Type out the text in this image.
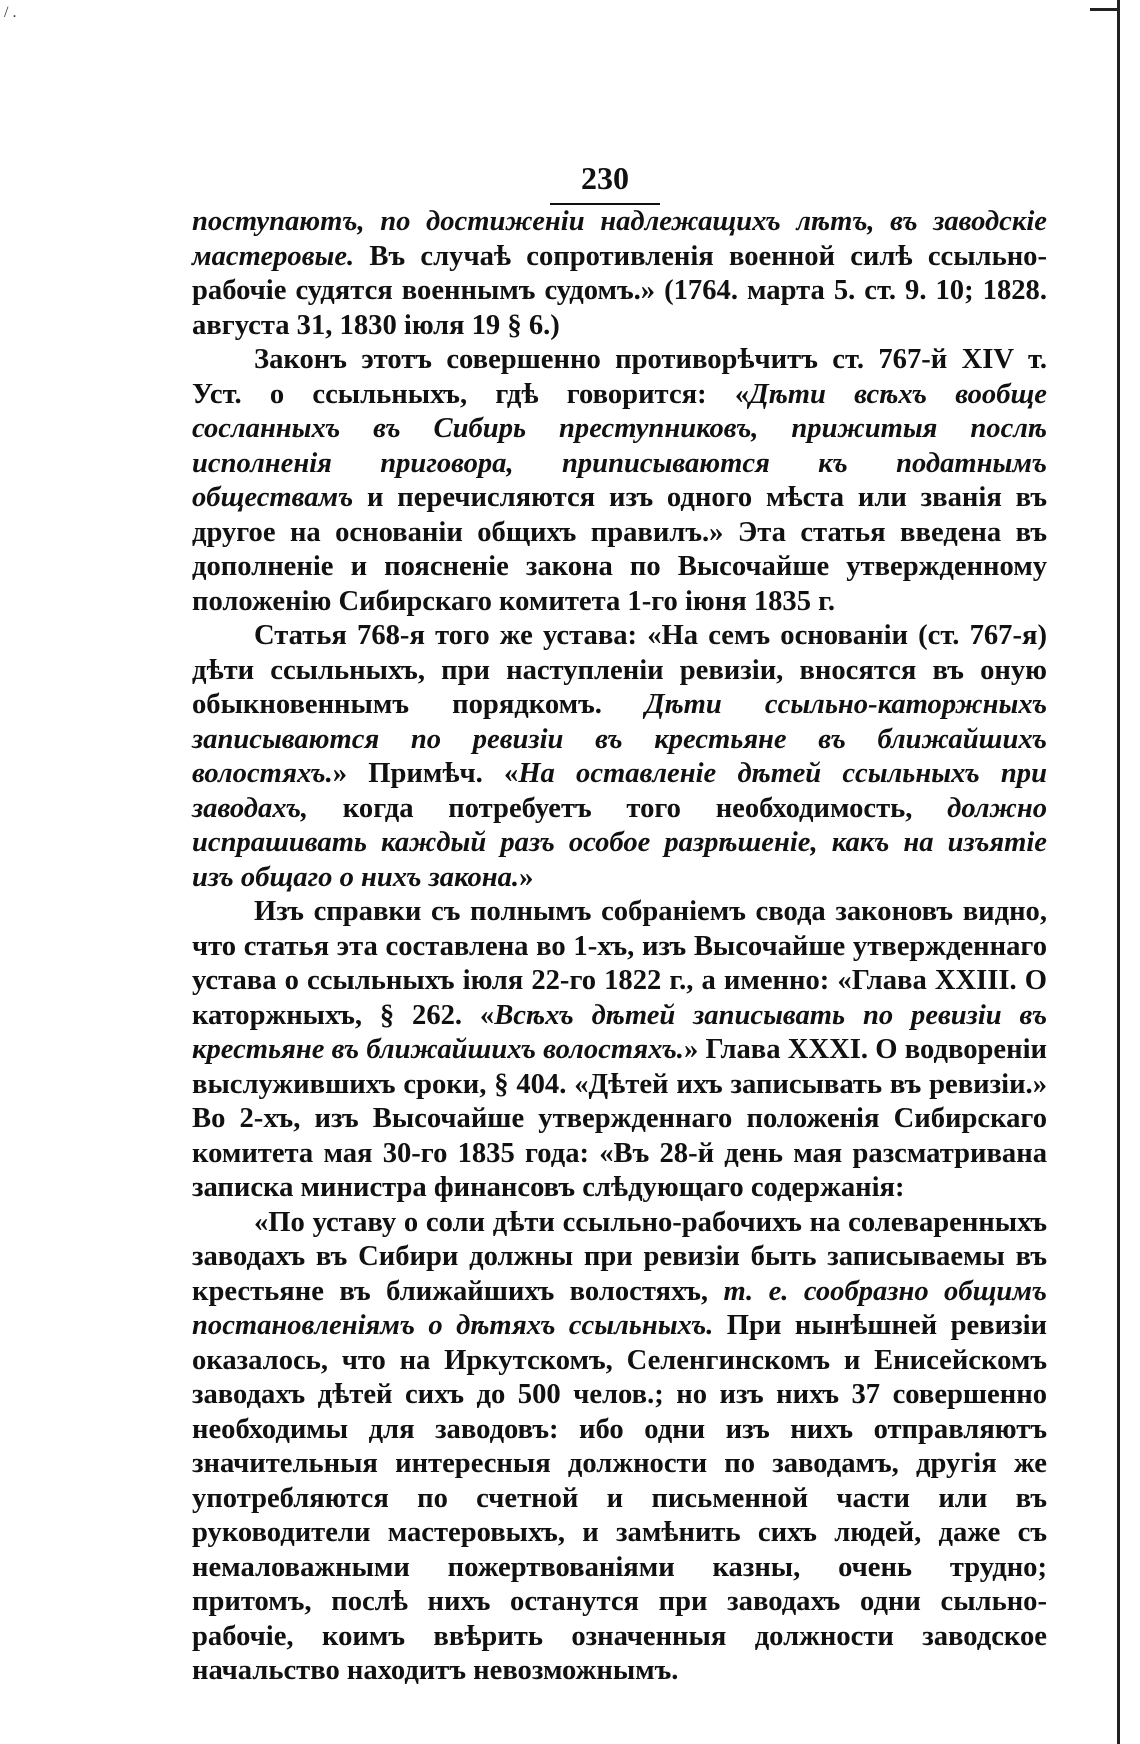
/ .
230

поступаютъ, по достиженіи надлежащихъ лѣтъ, въ заводскіе мастеровые. Въ случаѣ сопротивленія военной силѣ ссыльно-рабочіе судятся военнымъ судомъ.» (1764. марта 5. ст. 9. 10; 1828. августа 31, 1830 іюля 19 § 6.)

Законъ этотъ совершенно противорѣчитъ ст. 767-й XIV т. Уст. о ссыльныхъ, гдѣ говорится: «Дѣти всѣхъ вообще сосланныхъ въ Сибирь преступниковъ, прижитыя послѣ исполненія приговора, приписываются къ податнымъ обществамъ и перечисляются изъ одного мѣста или званія въ другое на основаніи общихъ правилъ.» Эта статья введена въ дополненіе и поясненіе закона по Высочайше утвержденному положенію Сибирскаго комитета 1-го іюня 1835 г.

Статья 768-я того же устава: «На семъ основаніи (ст. 767-я) дѣти ссыльныхъ, при наступленіи ревизіи, вносятся въ оную обыкновеннымъ порядкомъ. Дѣти ссыльно-каторжныхъ записываются по ревизіи въ крестьяне въ ближайшихъ волостяхъ.» Примѣч. «На оставленіе дѣтей ссыльныхъ при заводахъ, когда потребуетъ того необходимость, должно испрашивать каждый разъ особое разрѣшеніе, какъ на изъятіе изъ общаго о нихъ закона.»

Изъ справки съ полнымъ собраніемъ свода законовъ видно, что статья эта составлена во 1-хъ, изъ Высочайше утвержденнаго устава о ссыльныхъ іюля 22-го 1822 г., а именно: «Глава XXIII. О каторжныхъ, § 262. «Всѣхъ дѣтей записывать по ревизіи въ крестьяне въ ближайшихъ волостяхъ.» Глава XXXI. О водвореніи выслужившихъ сроки, § 404. «Дѣтей ихъ записывать въ ревизіи.» Во 2-хъ, изъ Высочайше утвержденнаго положенія Сибирскаго комитета мая 30-го 1835 года: «Въ 28-й день мая разсматривана записка министра финансовъ слѣдующаго содержанія:

«По уставу о соли дѣти ссыльно-рабочихъ на солеваренныхъ заводахъ въ Сибири должны при ревизіи быть записываемы въ крестьяне въ ближайшихъ волостяхъ, т. е. сообразно общимъ постановленіямъ о дѣтяхъ ссыльныхъ. При нынѣшней ревизіи оказалось, что на Иркутскомъ, Селенгинскомъ и Енисейскомъ заводахъ дѣтей сихъ до 500 челов.; но изъ нихъ 37 совершенно необходимы для заводовъ: ибо одни изъ нихъ отправляютъ значительныя интересныя должности по заводамъ, другія же употребляются по счетной и письменной части или въ руководители мастеровыхъ, и замѣнить сихъ людей, даже съ немаловажными пожертвованіями казны, очень трудно; притомъ, послѣ нихъ останутся при заводахъ одни сыльно-рабочіе, коимъ ввѣрить означенныя должности заводское начальство находитъ невозможнымъ.
